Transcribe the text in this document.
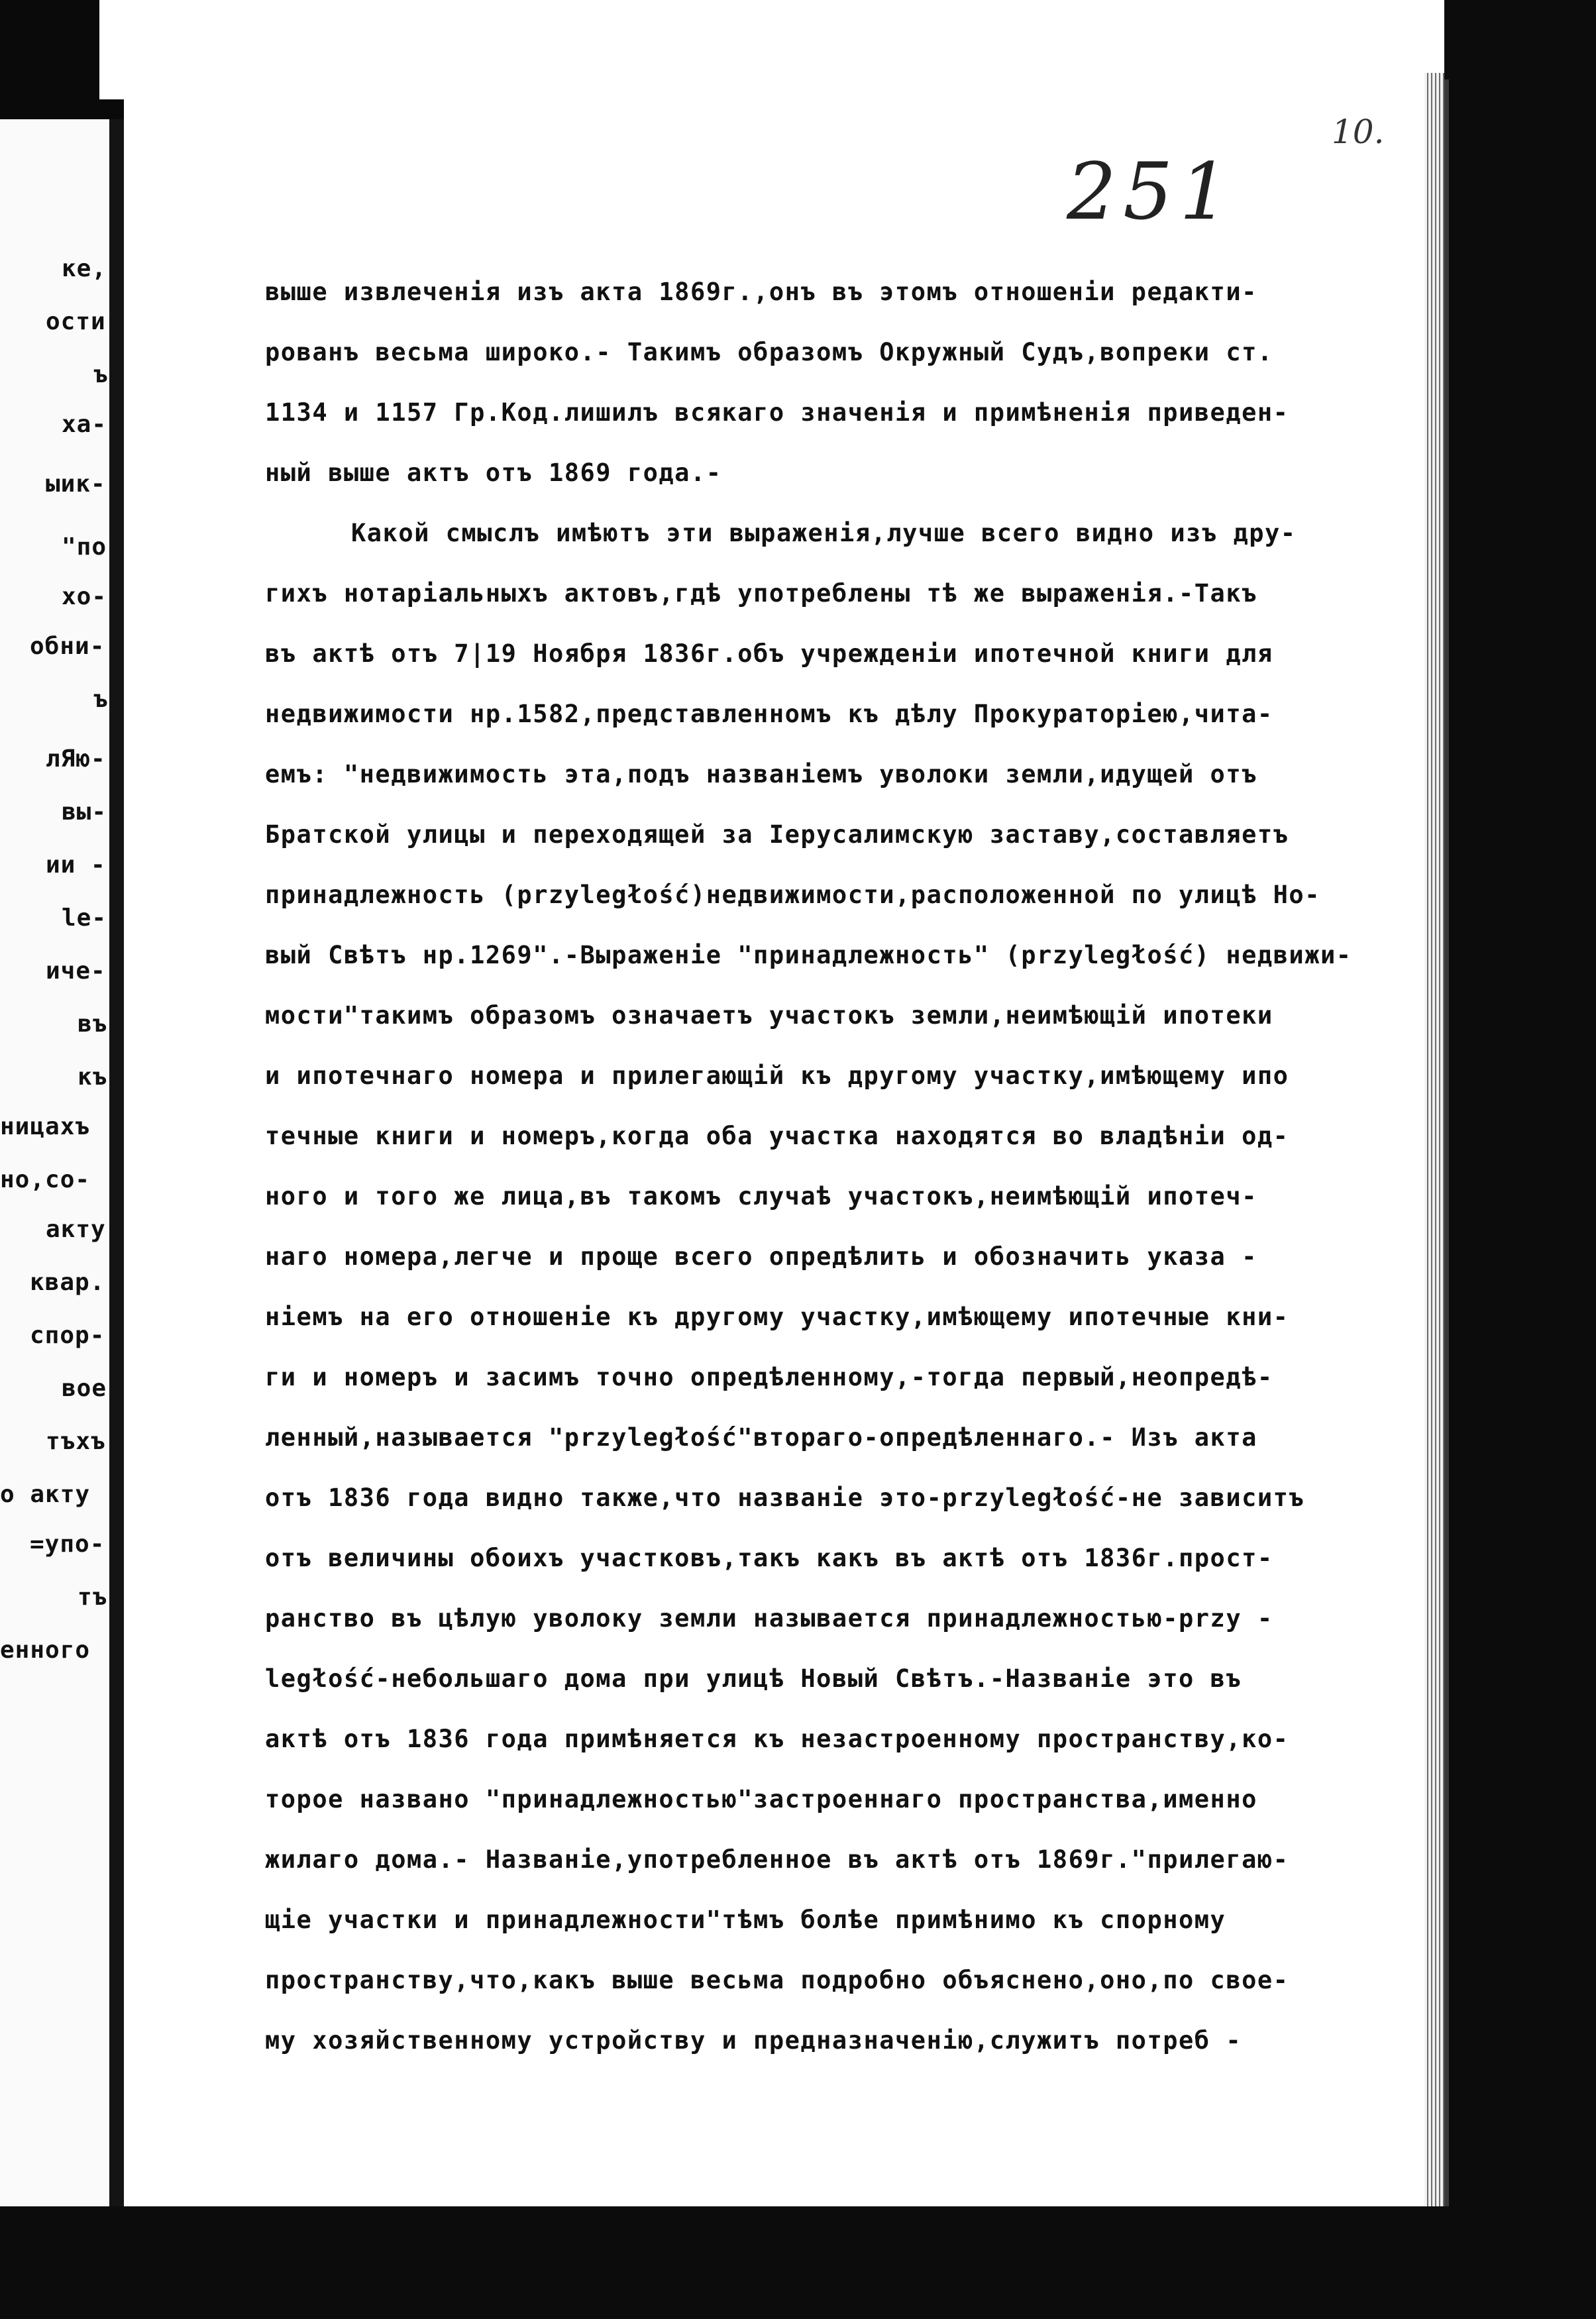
ке,
ости
ъ
ха-
ыик-
"по
хо-
обни-
ъ
лЯю-
вы-
ии -
le-
иче-
въ
къ
ницахъ
но,со-
акту
квар.
спор-
вое
тъхъ
о акту
=упо-
тъ
енного
251
10.
выше извлеченiя изъ акта 1869г.,онъ въ этомъ отношенiи редакти-
рованъ весьма широко.- Такимъ образомъ Окружный Судъ,вопреки ст.
1134 и 1157 Гр.Код.лишилъ всякаго значенiя и примѣненiя приведен-
ный выше актъ отъ 1869 года.-
Какой смыслъ имѣютъ эти выраженiя,лучше всего видно изъ дру-
гихъ нотарiальныхъ актовъ,гдѣ употреблены тѣ же выраженiя.-Такъ
въ актѣ отъ 7|19 Ноября 1836г.объ учрежденiи ипотечной книги для
недвижимости нр.1582,представленномъ къ дѣлу Прокураторiею,чита-
емъ: "недвижимость эта,подъ названiемъ уволоки земли,идущей отъ
Братской улицы и переходящей за Iерусалимскую заставу,составляетъ
принадлежность (przyległość)недвижимости,расположенной по улицѣ Но-
вый Свѣтъ нр.1269".-Выраженiе "принадлежность" (przyległość) недвижи-
мости"такимъ образомъ означаетъ участокъ земли,неимѣющiй ипотеки
и ипотечнаго номера и прилегающiй къ другому участку,имѣющему ипо
течные книги и номеръ,когда оба участка находятся во владѣнiи од-
ного и того же лица,въ такомъ случаѣ участокъ,неимѣющiй ипотеч-
наго номера,легче и проще всего опредѣлить и обозначить указа -
нiемъ на его отношенiе къ другому участку,имѣющему ипотечные кни-
ги и номеръ и засимъ точно опредѣленному,-тогда первый,неопредѣ-
ленный,называется "przyległość"втораго-опредѣленнаго.- Изъ акта
отъ 1836 года видно также,что названiе это-przyległość-не зависитъ
отъ величины обоихъ участковъ,такъ какъ въ актѣ отъ 1836г.прост-
ранство въ цѣлую уволоку земли называется принадлежностью-przy -
ległość-небольшаго дома при улицѣ Новый Свѣтъ.-Названiе это въ
актѣ отъ 1836 года примѣняется къ незастроенному пространству,ко-
торое названо "принадлежностью"застроеннаго пространства,именно
жилаго дома.- Названiе,употребленное въ актѣ отъ 1869г."прилегаю-
щiе участки и принадлежности"тѣмъ болѣе примѣнимо къ спорному
пространству,что,какъ выше весьма подробно объяснено,оно,по свое-
му хозяйственному устройству и предназначенiю,служитъ потреб -
